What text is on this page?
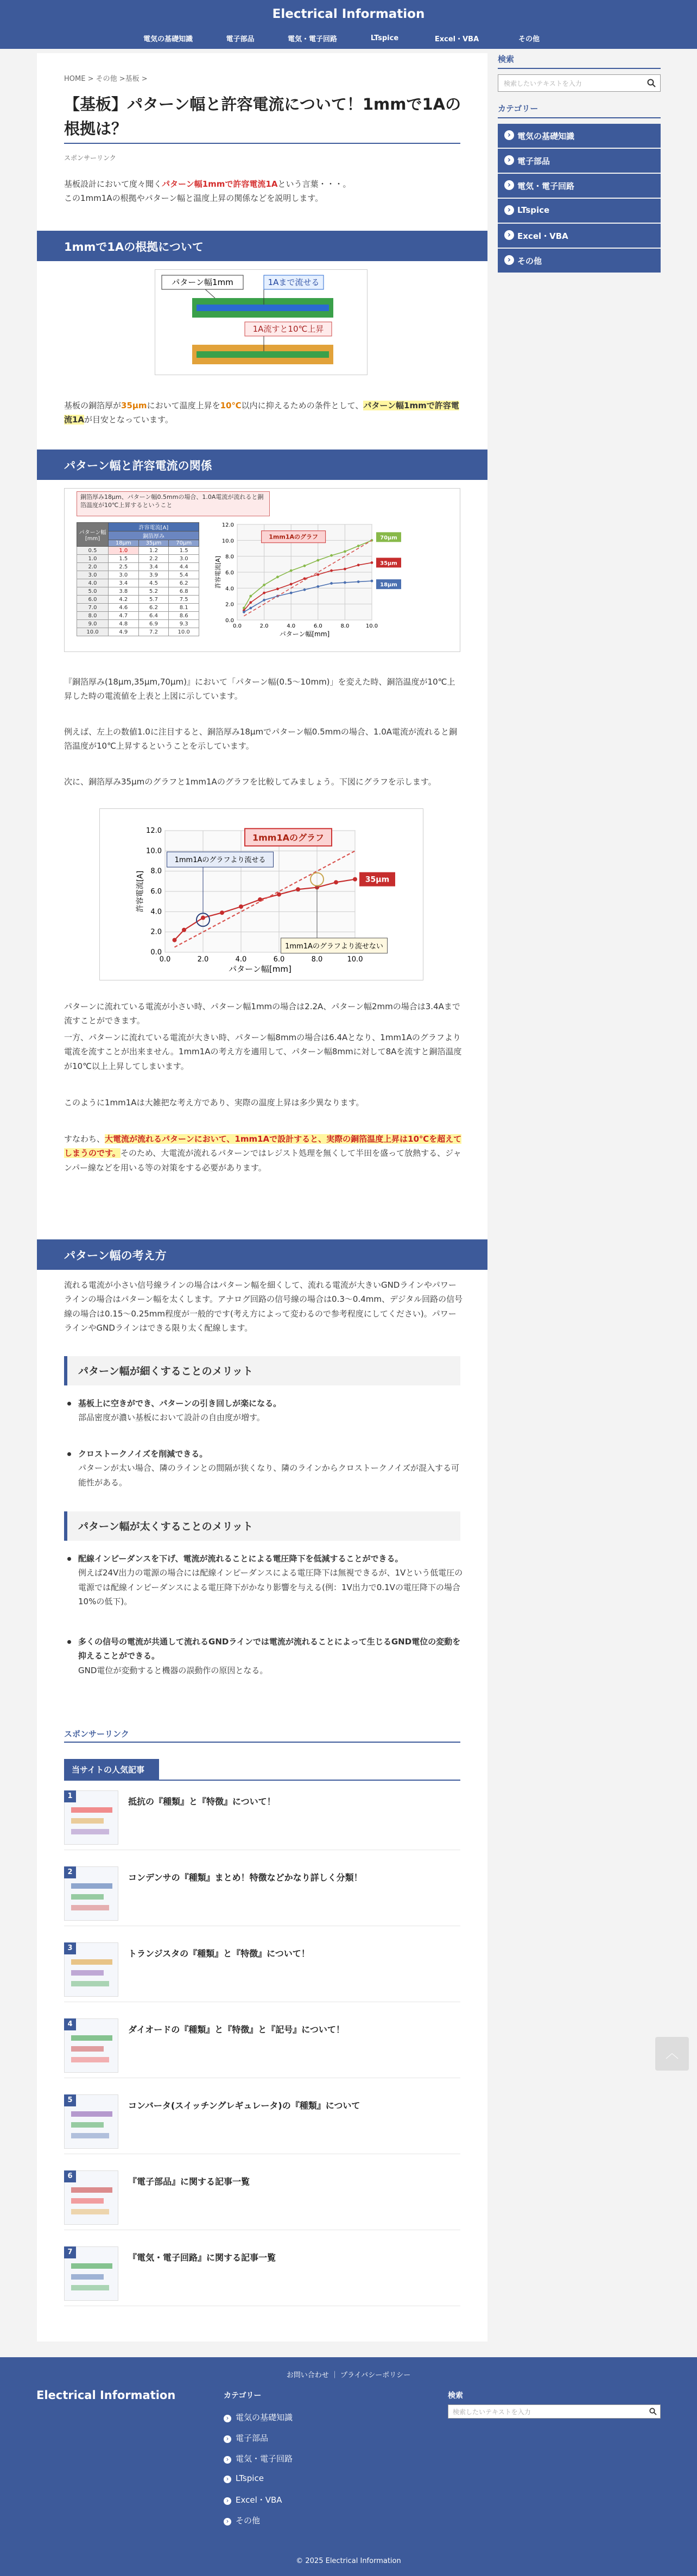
Electrical Information
電気の基礎知識	電子部品	電気・電子回路	LTspice	Excel・VBA	その他
HOME > その他 >基板 >
【基板】パターン幅と許容電流について！1mmで1Aの根拠は？
スポンサーリンク
基板設計において度々聞くパターン幅1mmで許容電流1Aという言葉・・・。
この1mm1Aの根拠やパターン幅と温度上昇の関係などを説明します。
1mmで1Aの根拠について
パターン幅1mm	1Aまで流せる
1A流すと10℃上昇
基板の銅箔厚が35μmにおいて温度上昇を10℃以内に抑えるための条件として、パターン幅1mmで許容電流1Aが目安となっています。
パターン幅と許容電流の関係
銅箔厚み18μm、パターン幅0.5mmの場合、1.0A電流が流れると銅箔温度が10℃上昇するということ
パターン幅 [mm]	許容電流[A]		
	銅箔厚み		
	18μm	35μm	70μm
0.5	1.0	1.2	1.5
1.0	1.5	2.2	3.0
2.0	2.5	3.4	4.4
3.0	3.0	3.9	5.4
4.0	3.4	4.5	6.2
5.0	3.8	5.2	6.8
6.0	4.2	5.7	7.5
7.0	4.6	6.2	8.1
8.0	4.7	6.4	8.6
9.0	4.8	6.9	9.3
10.0	4.9	7.2	10.0
0.0
2.0
4.0
6.0
8.0
10.0
12.0
0.0	2.0	4.0	6.0	8.0	10.0
パターン幅[mm]
許容電流[A]
1mm1Aのグラフ	70μm
35μm
18μm
『銅箔厚み(18μm,35μm,70μm)』において「パターン幅(0.5〜10mm)」を変えた時、銅箔温度が10℃上昇した時の電流値を上表と上図に示しています。
例えば、左上の数値1.0に注目すると、銅箔厚み18μmでパターン幅0.5mmの場合、1.0A電流が流れると銅箔温度が10℃上昇するということを示しています。
次に、銅箔厚み35μmのグラフと1mm1Aのグラフを比較してみましょう。下図にグラフを示します。
0.0
2.0
4.0
6.0
8.0
10.0
12.0
0.0	2.0	4.0	6.0	8.0	10.0
パターン幅[mm]
許容電流[A]	35μm
1mm1Aのグラフ
1mm1Aのグラフより流せる
1mm1Aのグラフより流せない
パターンに流れている電流が小さい時、パターン幅1mmの場合は2.2A、パターン幅2mmの場合は3.4Aまで流すことができます。
一方、パターンに流れている電流が大きい時、パターン幅8mmの場合は6.4Aとなり、1mm1Aのグラフより電流を流すことが出来ません。1mm1Aの考え方を適用して、パターン幅8mmに対して8Aを流すと銅箔温度が10℃以上上昇してしまいます。
このように1mm1Aは大雑把な考え方であり、実際の温度上昇は多少異なります。
すなわち、大電流が流れるパターンにおいて、1mm1Aで設計すると、実際の銅箔温度上昇は10℃を超えてしまうのです。そのため、大電流が流れるパターンではレジスト処理を無くして半田を盛って放熱する、ジャンパー線などを用いる等の対策をする必要があります。
パターン幅の考え方
流れる電流が小さい信号線ラインの場合はパターン幅を細くして、流れる電流が大きいGNDラインやパワーラインの場合はパターン幅を太くします。アナログ回路の信号線の場合は0.3〜0.4mm、デジタル回路の信号線の場合は0.15〜0.25mm程度が一般的です(考え方によって変わるので参考程度にしてください)。パワーラインやGNDラインはできる限り太く配線します。
パターン幅が細くすることのメリット
基板上に空きができ、パターンの引き回しが楽になる。
部品密度が濃い基板において設計の自由度が増す。
クロストークノイズを削減できる。
パターンが太い場合、隣のラインとの間隔が狭くなり、隣のラインからクロストークノイズが混入する可能性がある。
パターン幅が太くすることのメリット
配線インピーダンスを下げ、電流が流れることによる電圧降下を低減することができる。
例えば24V出力の電源の場合には配線インピーダンスによる電圧降下は無視できるが、1Vという低電圧の電源では配線インピーダンスによる電圧降下がかなり影響を与える(例：1V出力で0.1Vの電圧降下の場合10%の低下)。
多くの信号の電流が共通して流れるGNDラインでは電流が流れることによって生じるGND電位の変動を抑えることができる。
GND電位が変動すると機器の誤動作の原因となる。
スポンサーリンク
当サイトの人気記事
1
抵抗の『種類』と『特徴』について！
2
コンデンサの『種類』まとめ！特徴などかなり詳しく分類！
3
トランジスタの『種類』と『特徴』について！
4
ダイオードの『種類』と『特徴』と『記号』について！
5
コンバータ(スイッチングレギュレータ)の『種類』について
6
『電子部品』に関する記事一覧
7
『電気・電子回路』に関する記事一覧
検索
検索したいテキストを入力
カテゴリー
› 電気の基礎知識
› 電子部品
› 電気・電子回路
› LTspice
› Excel・VBA
› その他
︿
お問い合わせ ｜ プライバシーポリシー
Electrical Information	カテゴリー
› 電気の基礎知識
› 電子部品
› 電気・電子回路
› LTspice
› Excel・VBA
› その他
検索
検索したいテキストを入力
© 2025 Electrical Information
